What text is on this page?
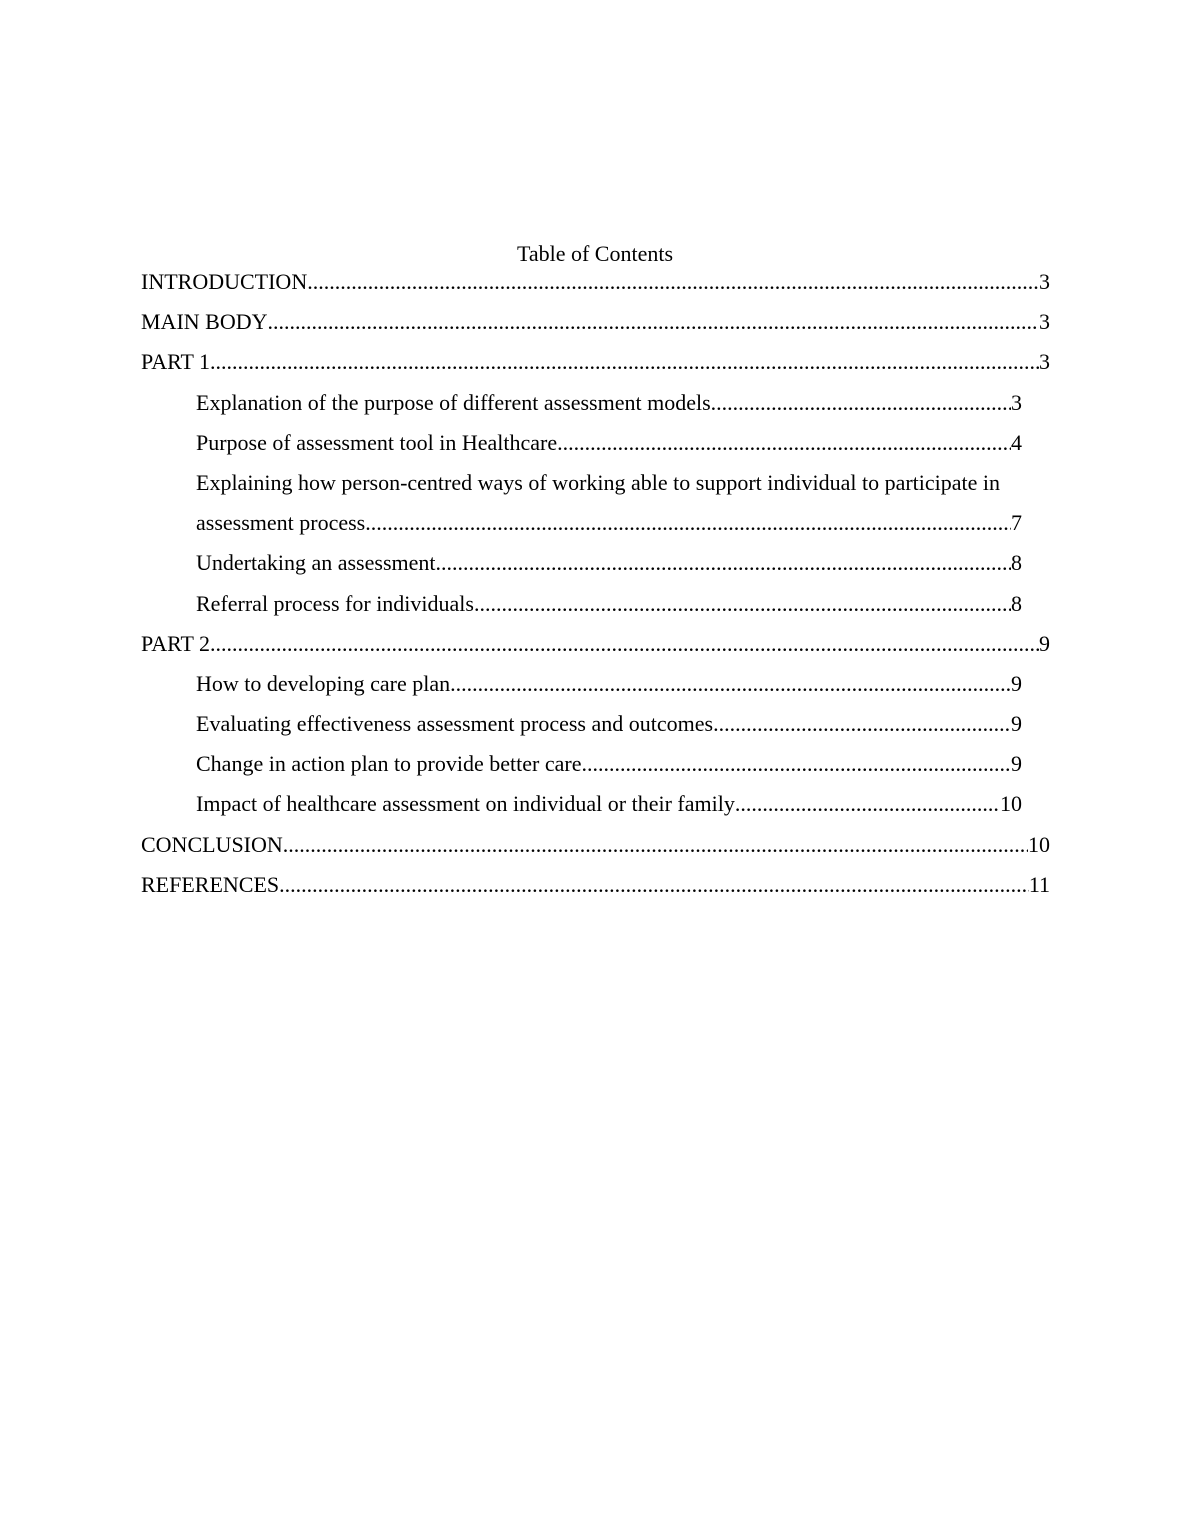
Table of Contents
INTRODUCTION .....	3
MAIN BODY .....	3
PART 1 .....	3
Explanation of the purpose of different assessment models .....	3
Purpose of assessment tool in Healthcare .....	4
Explaining how person-centred ways of working able to support individual to participate in
assessment process .....	7
Undertaking an assessment .....	8
Referral process for individuals .....	8
PART 2 .....	9
How to developing care plan .....	9
Evaluating effectiveness assessment process and outcomes .....	9
Change in action plan to provide better care .....	9
Impact of healthcare assessment on individual or their family .....	10
CONCLUSION .....	10
REFERENCES .....	11
